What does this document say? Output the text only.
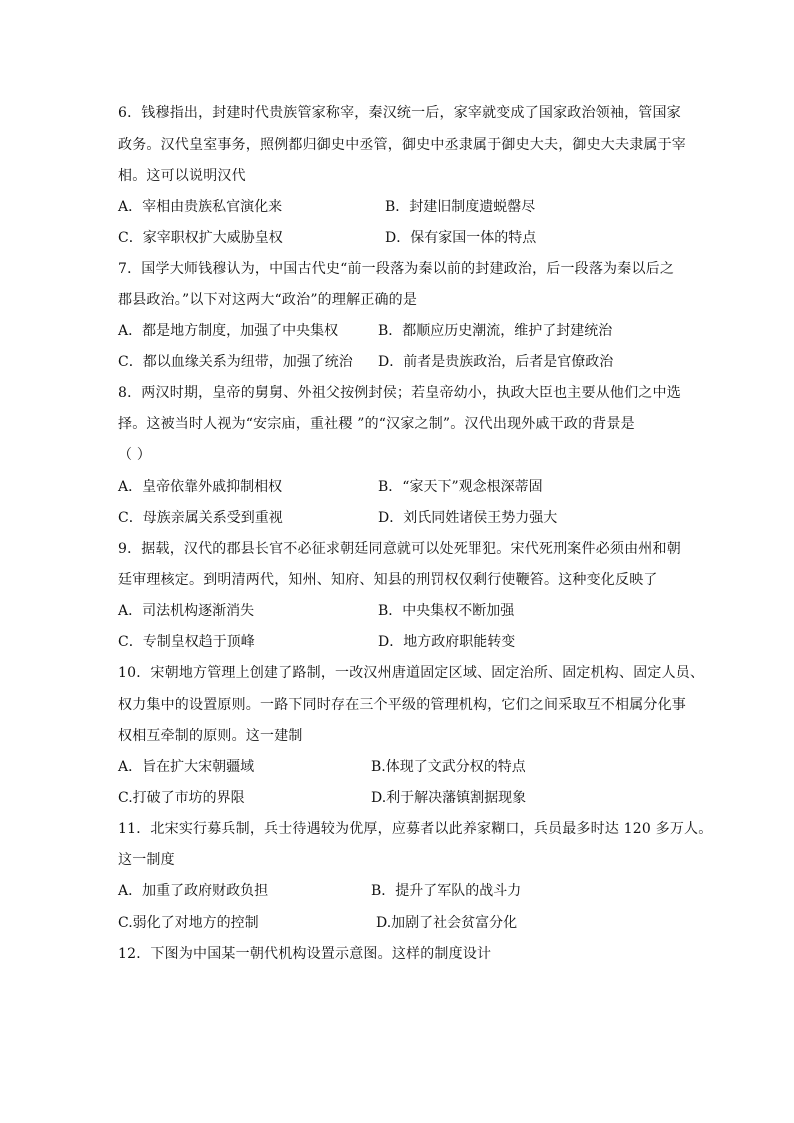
6．钱穆指出，封建时代贵族管家称宰，秦汉统一后，家宰就变成了国家政治领袖，管国家
政务。汉代皇室事务，照例都归御史中丞管，御史中丞隶属于御史大夫，御史大夫隶属于宰
相。这可以说明汉代
A．宰相由贵族私官演化来	B．封建旧制度遗蜕罄尽
C．家宰职权扩大威胁皇权	D．保有家国一体的特点
7．国学大师钱穆认为，中国古代史“前一段落为秦以前的封建政治，后一段落为秦以后之
郡县政治。”以下对这两大“政治”的理解正确的是
A．都是地方制度，加强了中央集权	B．都顺应历史潮流，维护了封建统治
C．都以血缘关系为纽带，加强了统治 D．前者是贵族政治，后者是官僚政治
8．两汉时期，皇帝的舅舅、外祖父按例封侯；若皇帝幼小，执政大臣也主要从他们之中选
择。这被当时人视为“安宗庙，重社稷 ”的“汉家之制”。汉代出现外戚干政的背景是
（ ）
A．皇帝依靠外戚抑制相权	B．“家天下”观念根深蒂固
C．母族亲属关系受到重视	D．刘氏同姓诸侯王势力强大
9．据载，汉代的郡县长官不必征求朝廷同意就可以处死罪犯。宋代死刑案件必须由州和朝
廷审理核定。到明清两代，知州、知府、知县的刑罚权仅剩行使鞭笞。这种变化反映了
A．司法机构逐渐消失	B．中央集权不断加强
C．专制皇权趋于顶峰	D．地方政府职能转变
10．宋朝地方管理上创建了路制，一改汉州唐道固定区域、固定治所、固定机构、固定人员、
权力集中的设置原则。一路下同时存在三个平级的管理机构，它们之间采取互不相属分化事
权相互牵制的原则。这一建制
A．旨在扩大宋朝疆域	B.体现了文武分权的特点
C.打破了市坊的界限	D.利于解决藩镇割据现象
11．北宋实行募兵制，兵士待遇较为优厚，应募者以此养家糊口，兵员最多时达 120 多万人。
这一制度
A．加重了政府财政负担	B．提升了军队的战斗力
C.弱化了对地方的控制	D.加剧了社会贫富分化
12．下图为中国某一朝代机构设置示意图。这样的制度设计
